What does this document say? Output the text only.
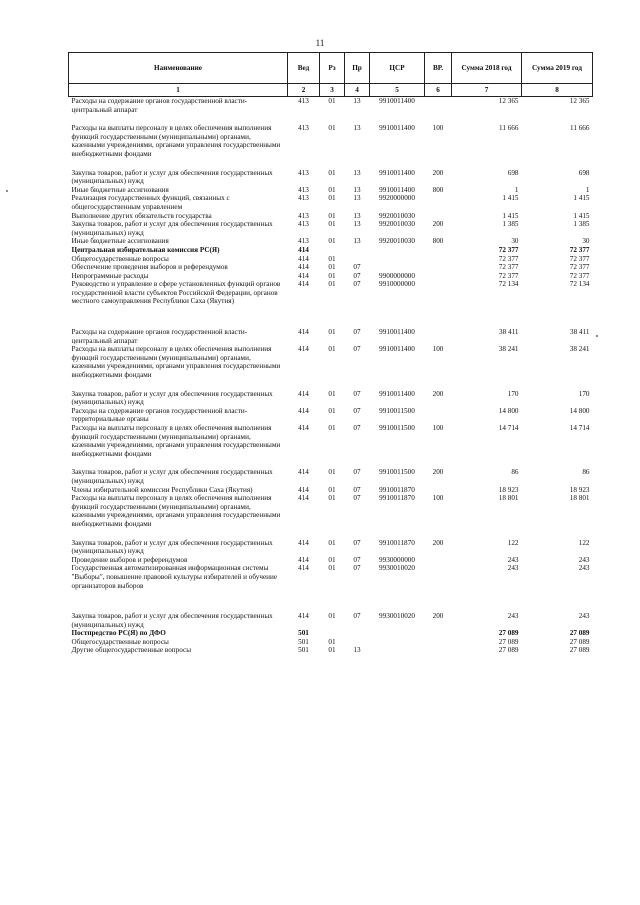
11
Наименование	Вед	Рз	Пр	ЦСР	ВР.	Сумма 2018 год	Сумма 2019 год
1	2	3	4	5	6	7	8
Расходы на содержание органов государственной власти- центральный аппарат	413	01	13	9910011400		12 365	12 365

Расходы на выплаты персоналу в целях обеспечения выполнения функций государственными (муниципальными) органами, казенными учреждениями, органами управления государственными внебюджетными фондами	413	01	13	9910011400	100	11 666	11 666

Закупка товаров, работ и услуг для обеспечения государственных (муниципальных) нужд	413	01	13	9910011400	200	698	698
Иные бюджетные ассигнования	413	01	13	9910011400	800	1	1
Реализация государственных функций, связанных с общегосударственным управлением	413	01	13	9920000000		1 415	1 415
Выполнение других обязательств государства	413	01	13	9920010030		1 415	1 415
Закупка товаров, работ и услуг для обеспечения государственных (муниципальных) нужд	413	01	13	9920010030	200	1 385	1 385
Иные бюджетные ассигнования	413	01	13	9920010030	800	30	30
Центральная избирательная комиссия РС(Я)	414					72 377	72 377
Общегосударственные вопросы	414	01				72 377	72 377
Обеспечение проведения выборов и референдумов	414	01	07			72 377	72 377
Непрограммные расходы	414	01	07	9900000000		72 377	72 377
Руководство и управление в сфере установленных функций органов государственной власти субъектов Российской Федерации, органов местного самоуправления Республики Саха (Якутия)	414	01	07	9910000000		72 134	72 134

Расходы на содержание органов государственной власти- центральный аппарат	414	01	07	9910011400		38 411	38 411
Расходы на выплаты персоналу в целях обеспечения выполнения функций государственными (муниципальными) органами, казенными учреждениями, органами управления государственными внебюджетными фондами	414	01	07	9910011400	100	38 241	38 241

Закупка товаров, работ и услуг для обеспечения государственных (муниципальных) нужд	414	01	07	9910011400	200	170	170
Расходы на содержание органов государственной власти- территориальные органы	414	01	07	9910011500		14 800	14 800
Расходы на выплаты персоналу в целях обеспечения выполнения функций государственными (муниципальными) органами, казенными учреждениями, органами управления государственными внебюджетными фондами	414	01	07	9910011500	100	14 714	14 714

Закупка товаров, работ и услуг для обеспечения государственных (муниципальных) нужд	414	01	07	9910011500	200	86	86
Члены избирательной комиссии Республики Саха (Якутия)	414	01	07	9910011870		18 923	18 923
Расходы на выплаты персоналу в целях обеспечения выполнения функций государственными (муниципальными) органами, казенными учреждениями, органами управления государственными внебюджетными фондами	414	01	07	9910011870	100	18 801	18 801

Закупка товаров, работ и услуг для обеспечения государственных (муниципальных) нужд	414	01	07	9910011870	200	122	122
Проведение выборов и референдумов	414	01	07	9930000000		243	243
Государственная автоматизированная информационная системы "Выборы", повышение правовой культуры избирателей и обучение организаторов выборов	414	01	07	9930010020		243	243

Закупка товаров, работ и услуг для обеспечения государственных (муниципальных) нужд	414	01	07	9930010020	200	243	243
Постпредство РС(Я) по ДФО	501					27 089	27 089
Общегосударственные вопросы	501	01				27 089	27 089
Другие общегосударственные вопросы	501	01	13			27 089	27 089
